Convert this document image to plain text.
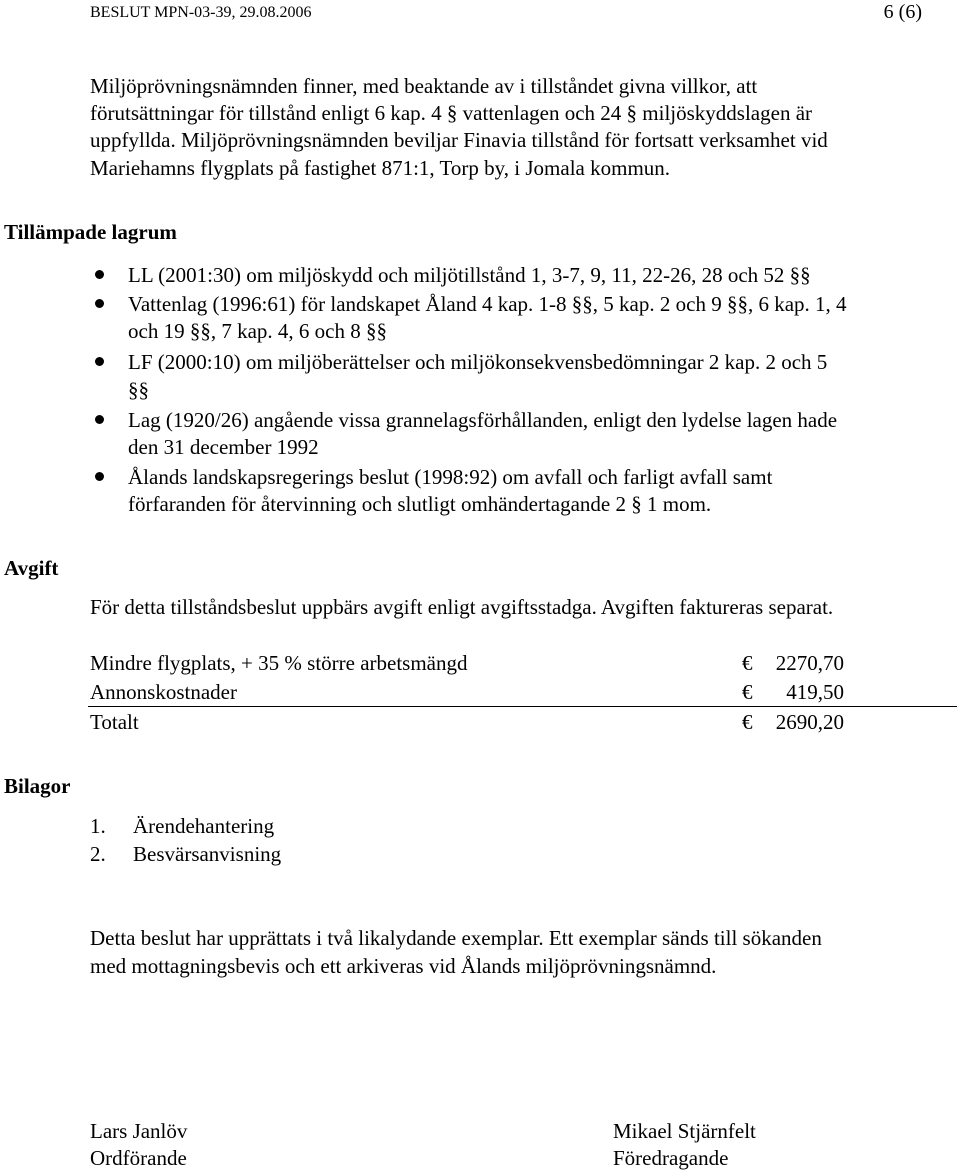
BESLUT MPN-03-39, 29.08.2006	6 (6)
Miljöprövningsnämnden finner, med beaktande av i tillståndet givna villkor, att
förutsättningar för tillstånd enligt 6 kap. 4 § vattenlagen och 24 § miljöskyddslagen är
uppfyllda. Miljöprövningsnämnden beviljar Finavia tillstånd för fortsatt verksamhet vid
Mariehamns flygplats på fastighet 871:1, Torp by, i Jomala kommun.
Tillämpade lagrum
LL (2001:30) om miljöskydd och miljötillstånd 1, 3-7, 9, 11, 22-26, 28 och 52 §§
Vattenlag (1996:61) för landskapet Åland 4 kap. 1-8 §§, 5 kap. 2 och 9 §§, 6 kap. 1, 4
och 19 §§, 7 kap. 4, 6 och 8 §§
LF (2000:10) om miljöberättelser och miljökonsekvensbedömningar 2 kap. 2 och 5
§§
Lag (1920/26) angående vissa grannelagsförhållanden, enligt den lydelse lagen hade
den 31 december 1992
Ålands landskapsregerings beslut (1998:92) om avfall och farligt avfall samt
förfaranden för återvinning och slutligt omhändertagande 2 § 1 mom.
Avgift
För detta tillståndsbeslut uppbärs avgift enligt avgiftsstadga. Avgiften faktureras separat.
Mindre flygplats, + 35 % större arbetsmängd	€	2270,70
Annonskostnader	€	419,50
Totalt	€	2690,20
Bilagor
1. Ärendehantering
2. Besvärsanvisning
Detta beslut har upprättats i två likalydande exemplar. Ett exemplar sänds till sökanden
med mottagningsbevis och ett arkiveras vid Ålands miljöprövningsnämnd.
Lars Janlöv
Ordförande
Mikael Stjärnfelt
Föredragande
